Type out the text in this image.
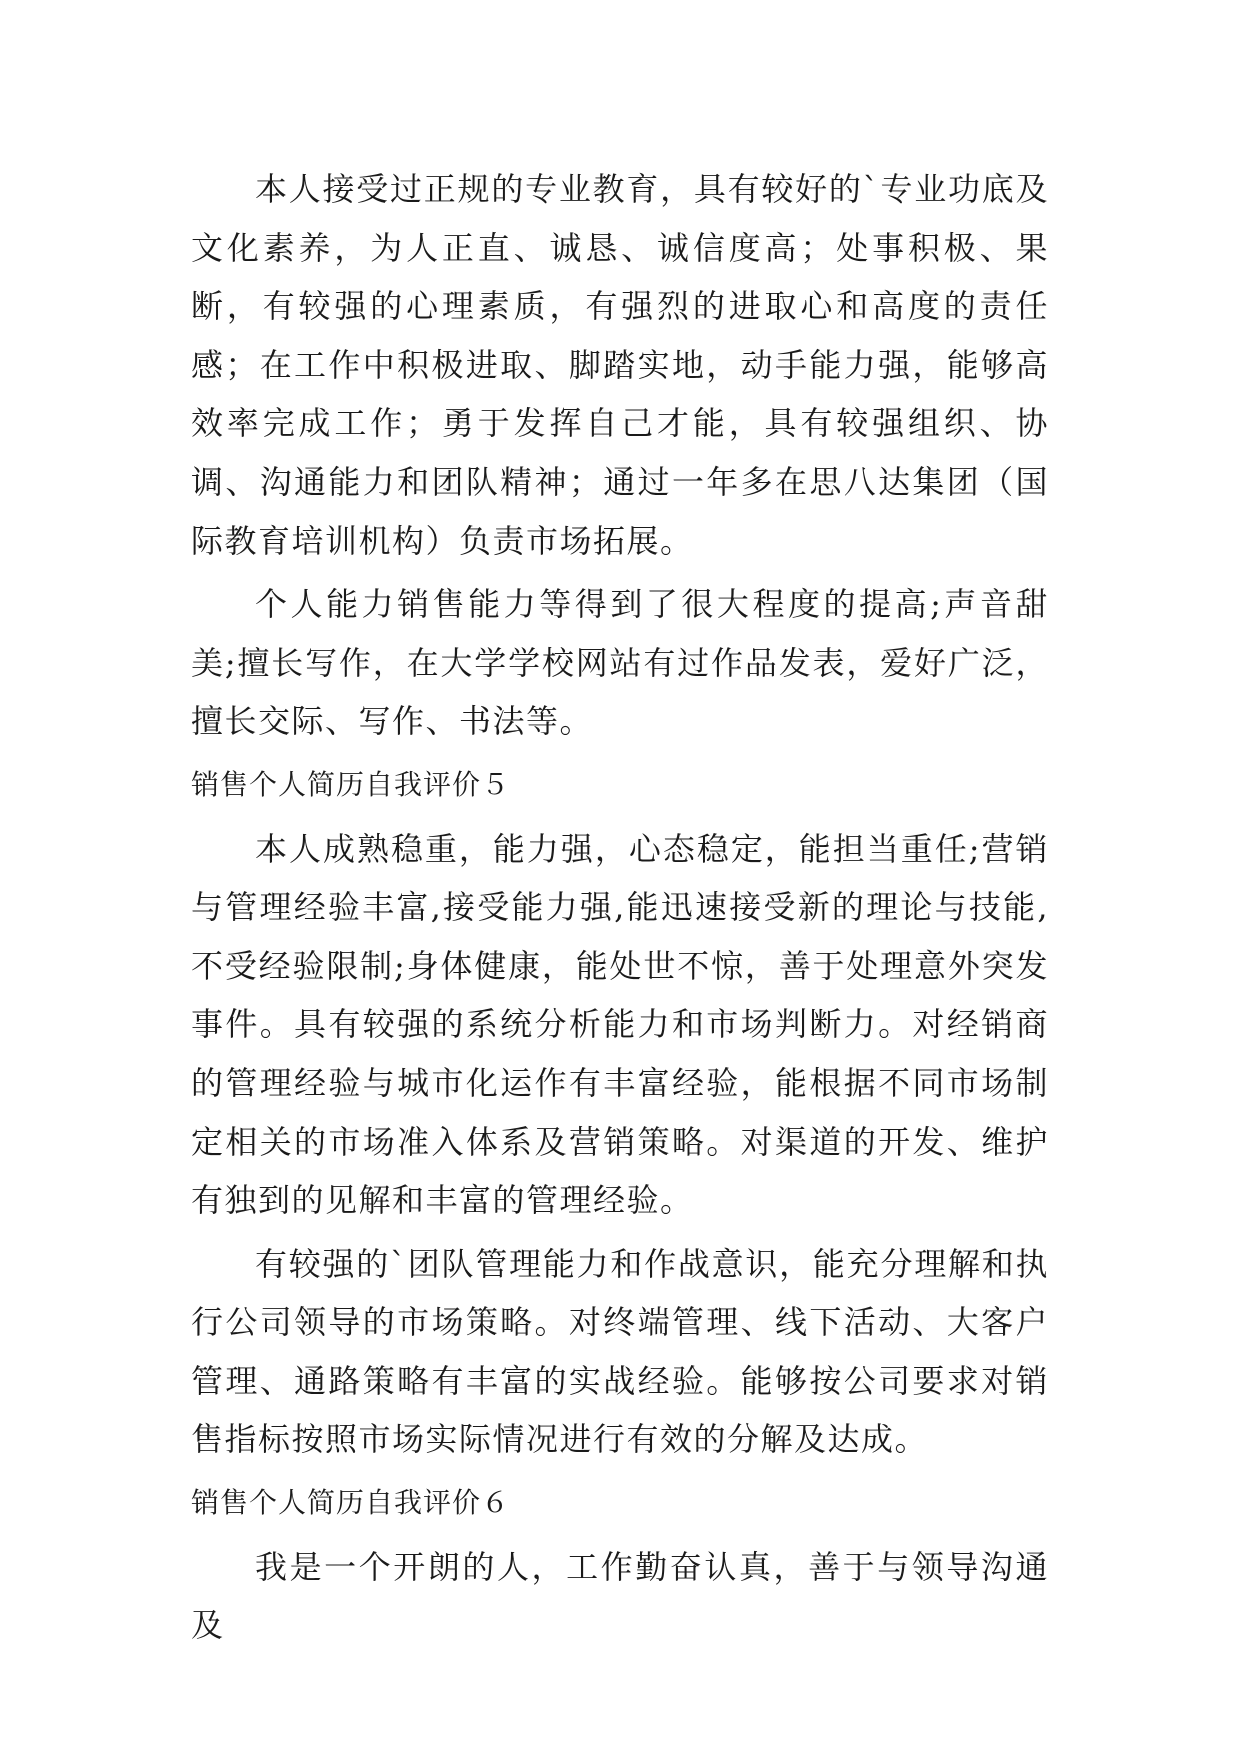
本人接受过正规的专业教育，具有较好的`专业功底及文化素养，为人正直、诚恳、诚信度高；处事积极、果断，有较强的心理素质，有强烈的进取心和高度的责任感；在工作中积极进取、脚踏实地，动手能力强，能够高效率完成工作；勇于发挥自己才能，具有较强组织、协调、沟通能力和团队精神；通过一年多在思八达集团（国际教育培训机构）负责市场拓展。

个人能力销售能力等得到了很大程度的提高;声音甜美;擅长写作，在大学学校网站有过作品发表，爱好广泛，擅长交际、写作、书法等。

销售个人简历自我评价５

本人成熟稳重，能力强，心态稳定，能担当重任;营销与管理经验丰富,接受能力强,能迅速接受新的理论与技能,不受经验限制;身体健康，能处世不惊，善于处理意外突发事件。具有较强的系统分析能力和市场判断力。对经销商的管理经验与城市化运作有丰富经验，能根据不同市场制定相关的市场准入体系及营销策略。对渠道的开发、维护有独到的见解和丰富的管理经验。

有较强的`团队管理能力和作战意识，能充分理解和执行公司领导的市场策略。对终端管理、线下活动、大客户管理、通路策略有丰富的实战经验。能够按公司要求对销售指标按照市场实际情况进行有效的分解及达成。

销售个人简历自我评价６

我是一个开朗的人，工作勤奋认真，善于与领导沟通及
